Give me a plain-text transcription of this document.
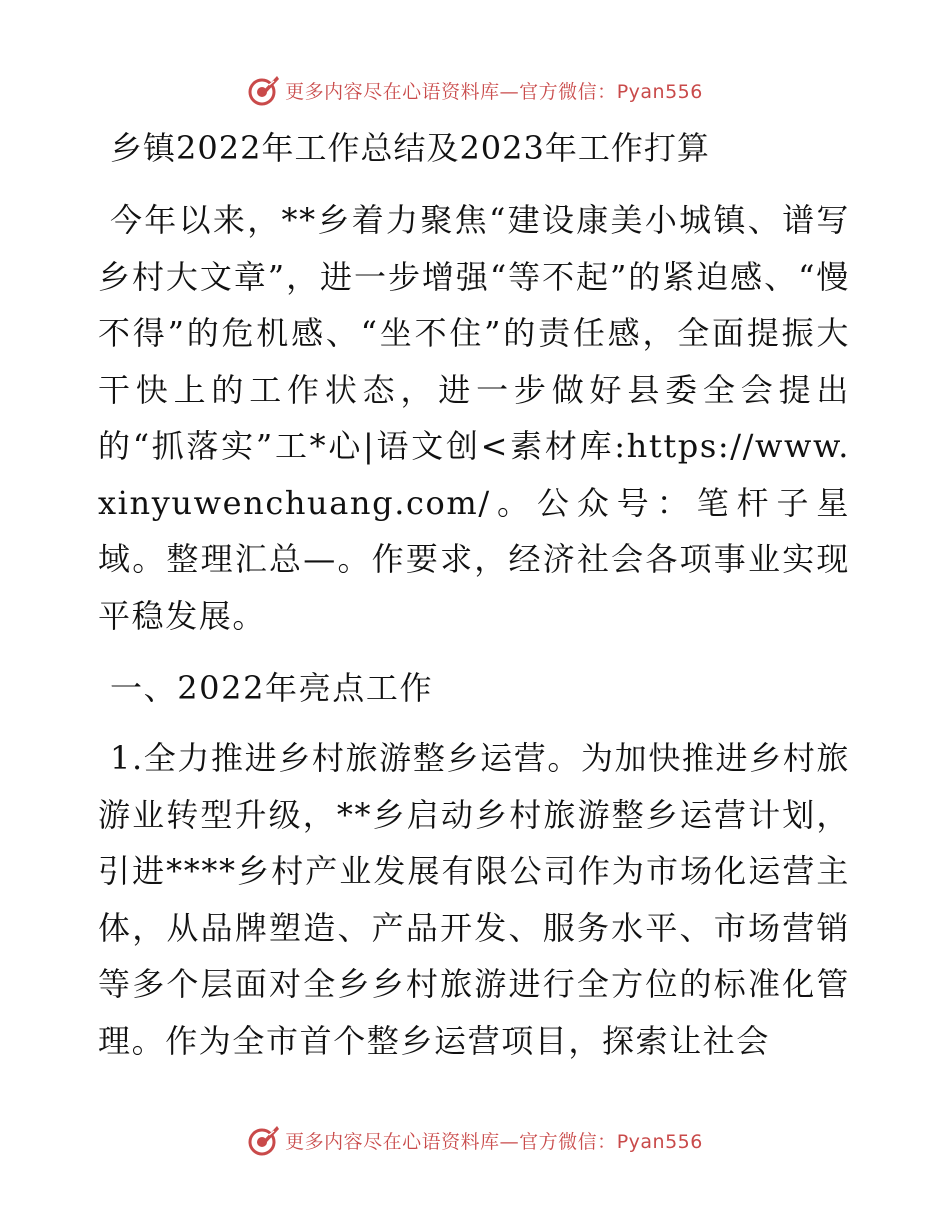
更多内容尽在心语资料库—官方微信：Pyan556
乡镇2022年工作总结及2023年工作打算

今年以来，**乡着力聚焦“建设康美小城镇、谱写乡村大文章”，进一步增强“等不起”的紧迫感、“慢不得”的危机感、“坐不住”的责任感，全面提振大干快上的工作状态，进一步做好县委全会提出的“抓落实”工*心|语文创<素材库:https://www.xinyuwenchuang.com/。公众号：笔杆子星域。整理汇总—。作要求，经济社会各项事业实现平稳发展。

一、2022年亮点工作

1.全力推进乡村旅游整乡运营。为加快推进乡村旅游业转型升级，**乡启动乡村旅游整乡运营计划，引进****乡村产业发展有限公司作为市场化运营主体，从品牌塑造、产品开发、服务水平、市场营销等多个层面对全乡乡村旅游进行全方位的标准化管理。作为全市首个整乡运营项目，探索让社会

更多内容尽在心语资料库—官方微信：Pyan556
